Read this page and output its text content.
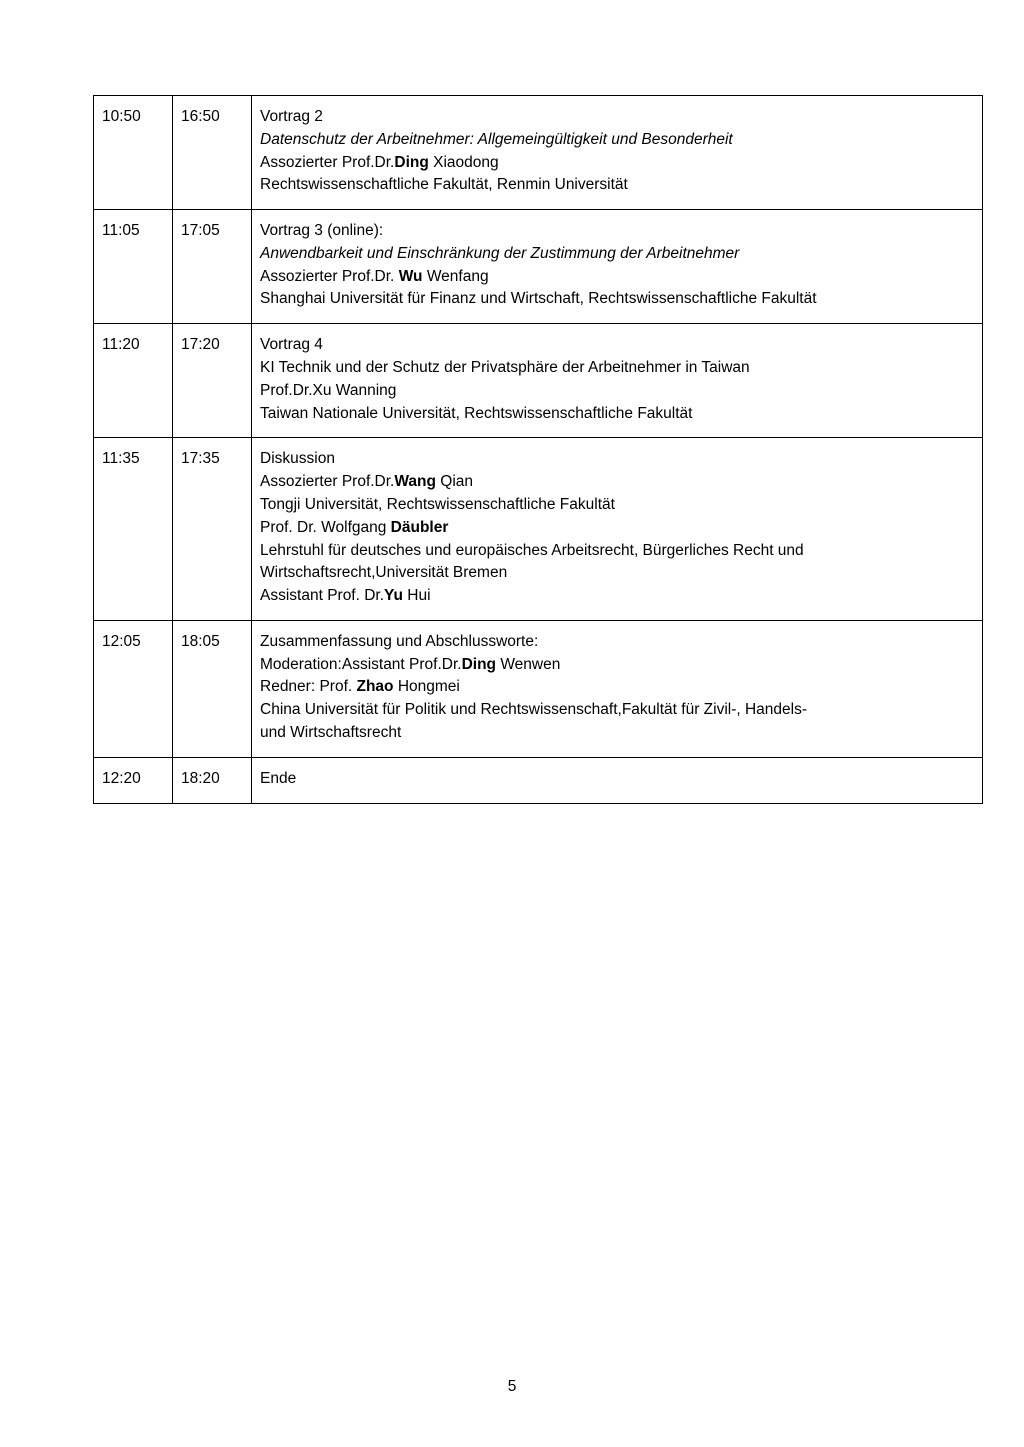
10:50	16:50	Vortrag 2
Datenschutz der Arbeitnehmer: Allgemeingültigkeit und Besonderheit
Assozierter Prof.Dr.Ding Xiaodong
Rechtswissenschaftliche Fakultät, Renmin Universität

11:05	17:05	Vortrag 3 (online):
Anwendbarkeit und Einschränkung der Zustimmung der Arbeitnehmer
Assozierter Prof.Dr. Wu Wenfang
Shanghai Universität für Finanz und Wirtschaft, Rechtswissenschaftliche Fakultät

11:20	17:20	Vortrag 4
KI Technik und der Schutz der Privatsphäre der Arbeitnehmer in Taiwan
Prof.Dr.Xu Wanning
Taiwan Nationale Universität, Rechtswissenschaftliche Fakultät

11:35	17:35	Diskussion
Assozierter Prof.Dr.Wang Qian
Tongji Universität, Rechtswissenschaftliche Fakultät
Prof. Dr. Wolfgang Däubler
Lehrstuhl für deutsches und europäisches Arbeitsrecht, Bürgerliches Recht und
Wirtschaftsrecht,Universität Bremen
Assistant Prof. Dr.Yu Hui

12:05	18:05	Zusammenfassung und Abschlussworte:
Moderation:Assistant Prof.Dr.Ding Wenwen
Redner: Prof. Zhao Hongmei
China Universität für Politik und Rechtswissenschaft,Fakultät für Zivil-, Handels-
und Wirtschaftsrecht

12:20	18:20	Ende
5
